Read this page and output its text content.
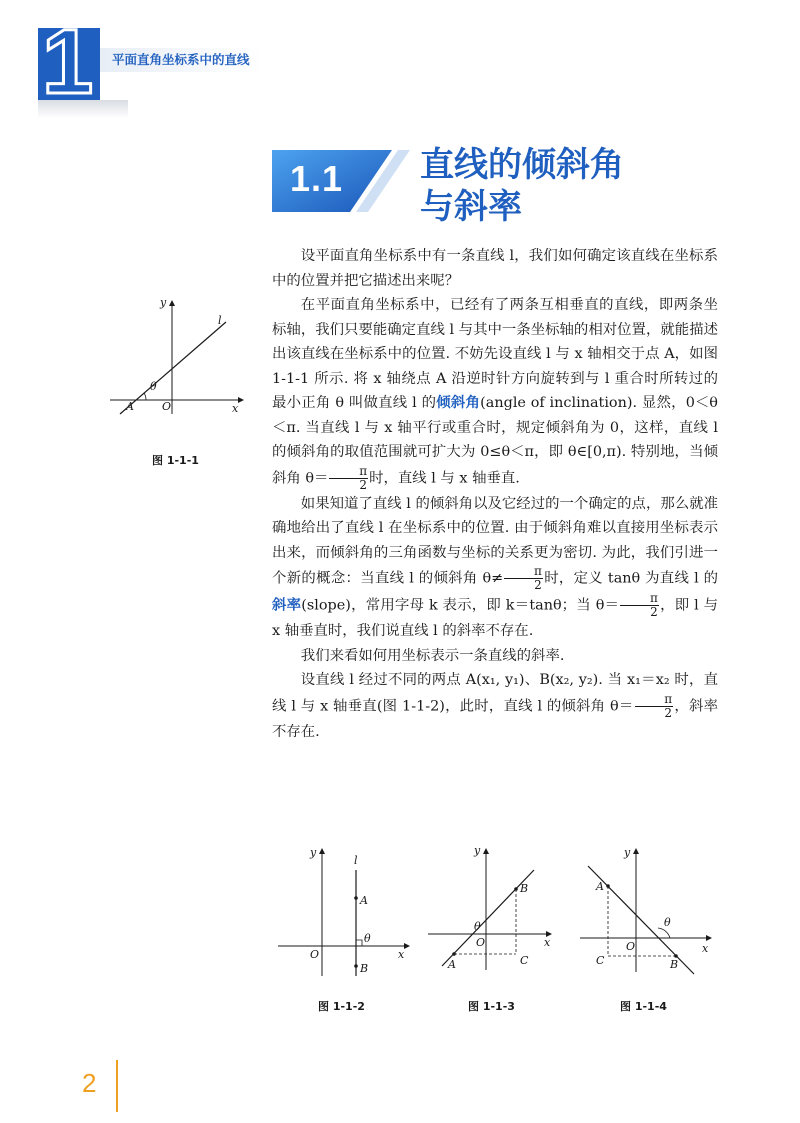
1	平面直角坐标系中的直线
1.1 直线的倾斜角
与斜率

设平面直角坐标系中有一条直线 l，我们如何确定该直线在坐标系中的位置并把它描述出来呢？

在平面直角坐标系中，已经有了两条互相垂直的直线，即两条坐标轴，我们只要能确定直线 l 与其中一条坐标轴的相对位置，就能描述出该直线在坐标系中的位置. 不妨先设直线 l 与 x 轴相交于点 A，如图 1-1-1 所示. 将 x 轴绕点 A 沿逆时针方向旋转到与 l 重合时所转过的最小正角 θ 叫做直线 l 的倾斜角(angle of inclination). 显然，0＜θ＜π. 当直线 l 与 x 轴平行或重合时，规定倾斜角为 0，这样，直线 l 的倾斜角的取值范围就可扩大为 0≤θ＜π，即 θ∈[0,π). 特别地，当倾斜角 $\theta= \frac{\pi}{2}$ 时，直线 l 与 x 轴垂直.

如果知道了直线 l 的倾斜角以及它经过的一个确定的点，那么就准确地给出了直线 l 在坐标系中的位置. 由于倾斜角难以直接用坐标表示出来，而倾斜角的三角函数与坐标的关系更为密切. 为此，我们引进一个新的概念：当直线 l 的倾斜角 $\theta\ne \frac{\pi}{2}$ 时，定义 tanθ 为直线 l 的斜率(slope)，常用字母 k 表示，即 k＝tanθ；当 $\theta= \frac{\pi}{2}$ ，即 l 与 x 轴垂直时，我们说直线 l 的斜率不存在.

我们来看如何用坐标表示一条直线的斜率.

设直线 l 经过不同的两点 A(x₁, y₁)、B(x₂, y₂). 当 x₁＝x₂ 时，直线 l 与 x 轴垂直(图 1-1-2)，此时，直线 l 的倾斜角 $\theta= \frac{\pi}{2}$ ，斜率不存在.

y
l
θ
A	O	x
图 1-1-1
y
l
A
θ
O	x
B
图 1-1-2
y
B
θ
O	x
A	C
图 1-1-3
y
A
θ
O	x
C	B
图 1-1-4
2
